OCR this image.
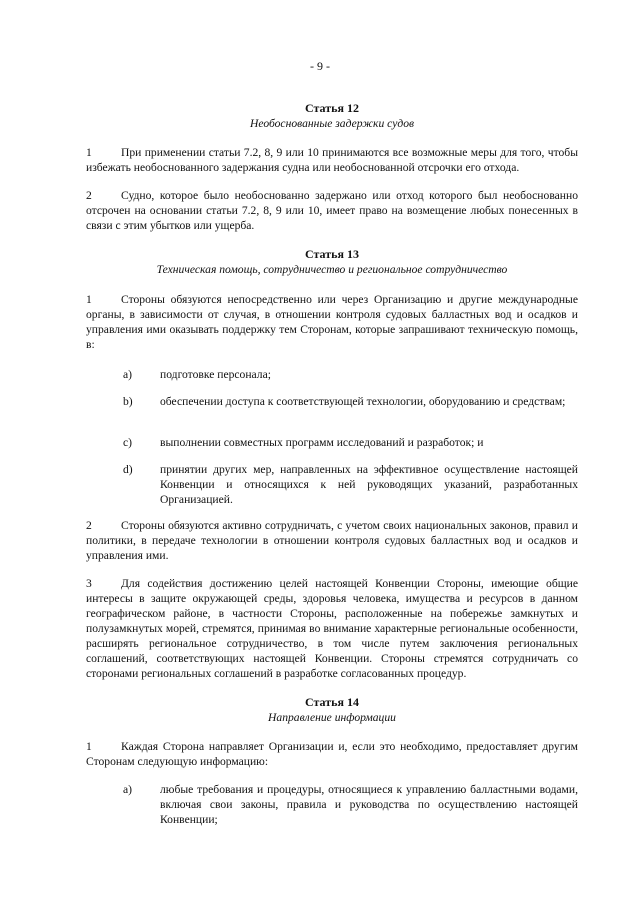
- 9 -
Статья 12
Необоснованные задержки судов
1	При применении статьи 7.2, 8, 9 или 10 принимаются все возможные меры для того, чтобы избежать необоснованного задержания судна или необоснованной отсрочки его отхода.
2	Судно, которое было необоснованно задержано или отход которого был необоснованно отсрочен на основании статьи 7.2, 8, 9 или 10, имеет право на возмещение любых понесенных в связи с этим убытков или ущерба.
Статья 13
Техническая помощь, сотрудничество и региональное сотрудничество
1	Стороны обязуются непосредственно или через Организацию и другие международные органы, в зависимости от случая, в отношении контроля судовых балластных вод и осадков и управления ими оказывать поддержку тем Сторонам, которые запрашивают техническую помощь, в:
a) подготовке персонала;
b) обеспечении доступа к соответствующей технологии, оборудованию и средствам;
c) выполнении совместных программ исследований и разработок; и
d) принятии других мер, направленных на эффективное осуществление настоящей Конвенции и относящихся к ней руководящих указаний, разработанных Организацией.
2	Стороны обязуются активно сотрудничать, с учетом своих национальных законов, правил и политики, в передаче технологии в отношении контроля судовых балластных вод и осадков и управления ими.
3	Для содействия достижению целей настоящей Конвенции Стороны, имеющие общие интересы в защите окружающей среды, здоровья человека, имущества и ресурсов в данном географическом районе, в частности Стороны, расположенные на побережье замкнутых и полузамкнутых морей, стремятся, принимая во внимание характерные региональные особенности, расширять региональное сотрудничество, в том числе путем заключения региональных соглашений, соответствующих настоящей Конвенции. Стороны стремятся сотрудничать со сторонами региональных соглашений в разработке согласованных процедур.
Статья 14
Направление информации
1	Каждая Сторона направляет Организации и, если это необходимо, предоставляет другим Сторонам следующую информацию:
a) любые требования и процедуры, относящиеся к управлению балластными водами, включая свои законы, правила и руководства по осуществлению настоящей Конвенции;
